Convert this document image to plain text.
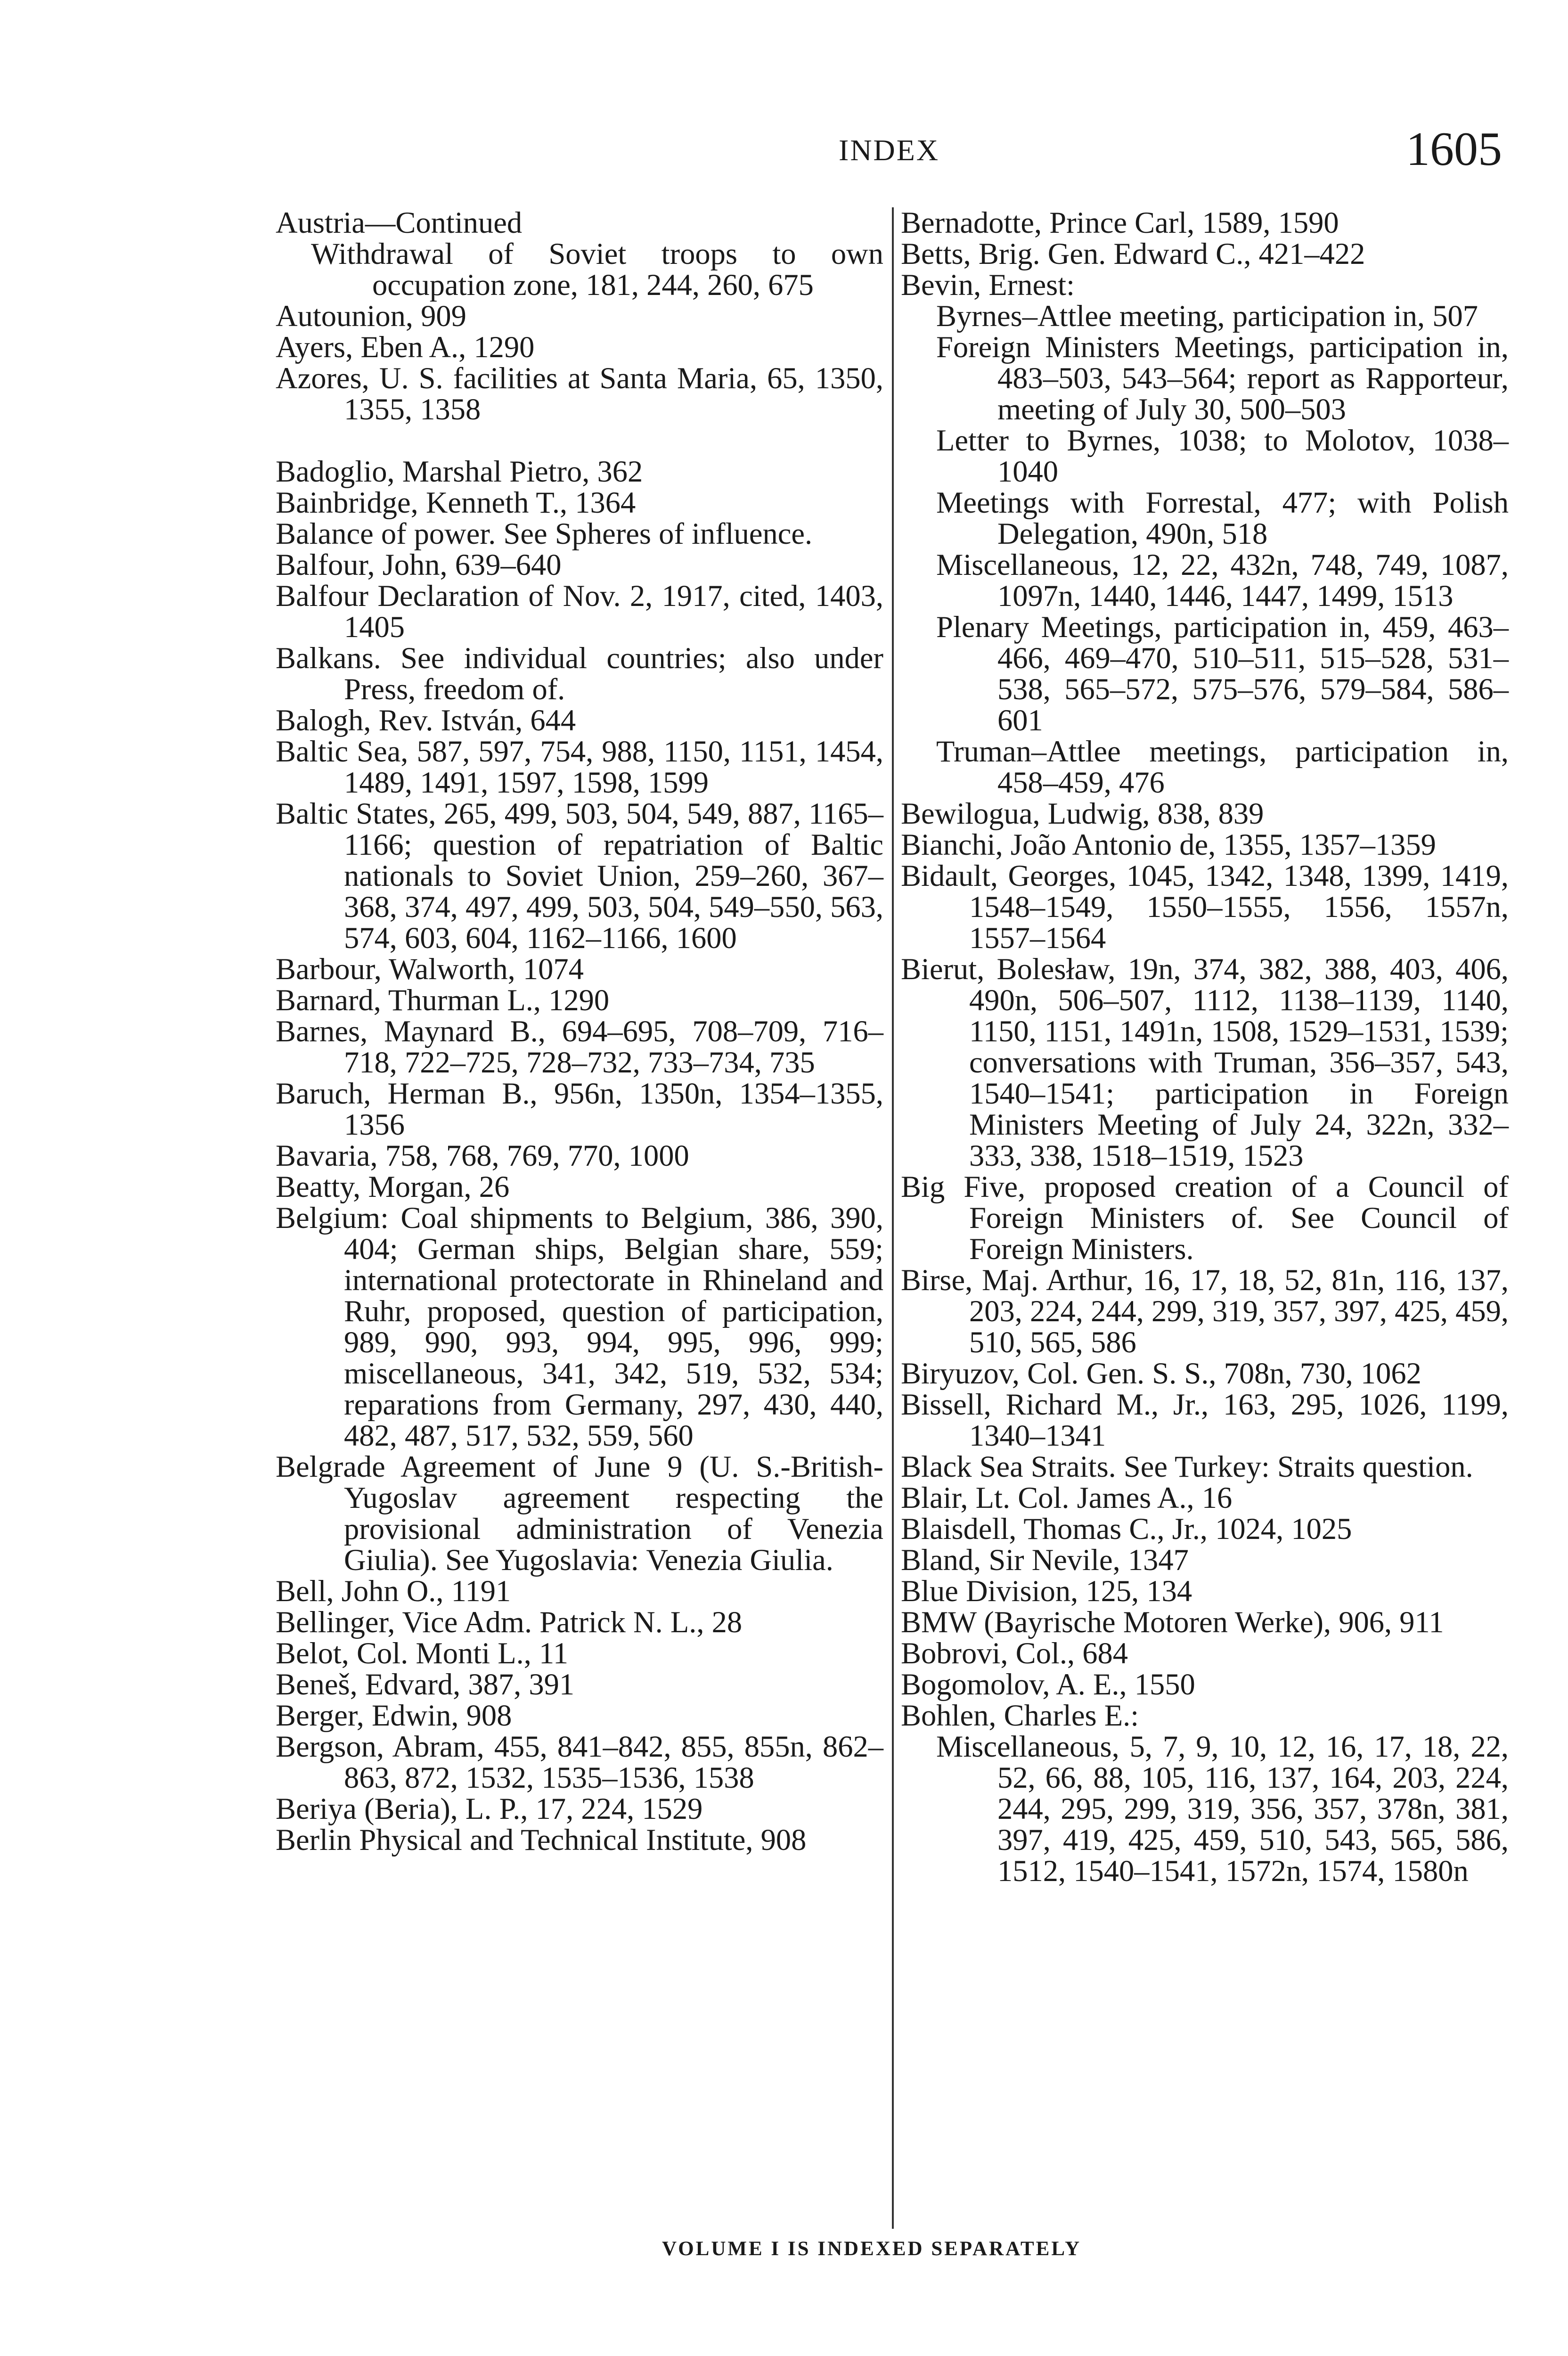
INDEX	1605
Austria—Continued
Withdrawal of Soviet troops to own occupation zone, 181, 244, 260, 675
Autounion, 909
Ayers, Eben A., 1290
Azores, U. S. facilities at Santa Maria, 65, 1350, 1355, 1358
Badoglio, Marshal Pietro, 362
Bainbridge, Kenneth T., 1364
Balance of power. See Spheres of influence.
Balfour, John, 639–640
Balfour Declaration of Nov. 2, 1917, cited, 1403, 1405
Balkans. See individual countries; also under Press, freedom of.
Balogh, Rev. István, 644
Baltic Sea, 587, 597, 754, 988, 1150, 1151, 1454, 1489, 1491, 1597, 1598, 1599
Baltic States, 265, 499, 503, 504, 549, 887, 1165–1166; question of repatriation of Baltic nationals to Soviet Union, 259–260, 367–368, 374, 497, 499, 503, 504, 549–550, 563, 574, 603, 604, 1162–1166, 1600
Barbour, Walworth, 1074
Barnard, Thurman L., 1290
Barnes, Maynard B., 694–695, 708–709, 716–718, 722–725, 728–732, 733–734, 735
Baruch, Herman B., 956n, 1350n, 1354–1355, 1356
Bavaria, 758, 768, 769, 770, 1000
Beatty, Morgan, 26
Belgium: Coal shipments to Belgium, 386, 390, 404; German ships, Belgian share, 559; international protectorate in Rhineland and Ruhr, proposed, question of participation, 989, 990, 993, 994, 995, 996, 999; miscellaneous, 341, 342, 519, 532, 534; reparations from Germany, 297, 430, 440, 482, 487, 517, 532, 559, 560
Belgrade Agreement of June 9 (U. S.-British-Yugoslav agreement respecting the provisional administration of Venezia Giulia). See Yugoslavia: Venezia Giulia.
Bell, John O., 1191
Bellinger, Vice Adm. Patrick N. L., 28
Belot, Col. Monti L., 11
Beneš, Edvard, 387, 391
Berger, Edwin, 908
Bergson, Abram, 455, 841–842, 855, 855n, 862–863, 872, 1532, 1535–1536, 1538
Beriya (Beria), L. P., 17, 224, 1529
Berlin Physical and Technical Institute, 908
Bernadotte, Prince Carl, 1589, 1590
Betts, Brig. Gen. Edward C., 421–422
Bevin, Ernest:
Byrnes–Attlee meeting, participation in, 507
Foreign Ministers Meetings, participation in, 483–503, 543–564; report as Rapporteur, meeting of July 30, 500–503
Letter to Byrnes, 1038; to Molotov, 1038–1040
Meetings with Forrestal, 477; with Polish Delegation, 490n, 518
Miscellaneous, 12, 22, 432n, 748, 749, 1087, 1097n, 1440, 1446, 1447, 1499, 1513
Plenary Meetings, participation in, 459, 463–466, 469–470, 510–511, 515–528, 531–538, 565–572, 575–576, 579–584, 586–601
Truman–Attlee meetings, participation in, 458–459, 476
Bewilogua, Ludwig, 838, 839
Bianchi, João Antonio de, 1355, 1357–1359
Bidault, Georges, 1045, 1342, 1348, 1399, 1419, 1548–1549, 1550–1555, 1556, 1557n, 1557–1564
Bierut, Bolesław, 19n, 374, 382, 388, 403, 406, 490n, 506–507, 1112, 1138–1139, 1140, 1150, 1151, 1491n, 1508, 1529–1531, 1539; conversations with Truman, 356–357, 543, 1540–1541; participation in Foreign Ministers Meeting of July 24, 322n, 332–333, 338, 1518–1519, 1523
Big Five, proposed creation of a Council of Foreign Ministers of. See Council of Foreign Ministers.
Birse, Maj. Arthur, 16, 17, 18, 52, 81n, 116, 137, 203, 224, 244, 299, 319, 357, 397, 425, 459, 510, 565, 586
Biryuzov, Col. Gen. S. S., 708n, 730, 1062
Bissell, Richard M., Jr., 163, 295, 1026, 1199, 1340–1341
Black Sea Straits. See Turkey: Straits question.
Blair, Lt. Col. James A., 16
Blaisdell, Thomas C., Jr., 1024, 1025
Bland, Sir Nevile, 1347
Blue Division, 125, 134
BMW (Bayrische Motoren Werke), 906, 911
Bobrovi, Col., 684
Bogomolov, A. E., 1550
Bohlen, Charles E.:
Miscellaneous, 5, 7, 9, 10, 12, 16, 17, 18, 22, 52, 66, 88, 105, 116, 137, 164, 203, 224, 244, 295, 299, 319, 356, 357, 378n, 381, 397, 419, 425, 459, 510, 543, 565, 586, 1512, 1540–1541, 1572n, 1574, 1580n
VOLUME I IS INDEXED SEPARATELY
